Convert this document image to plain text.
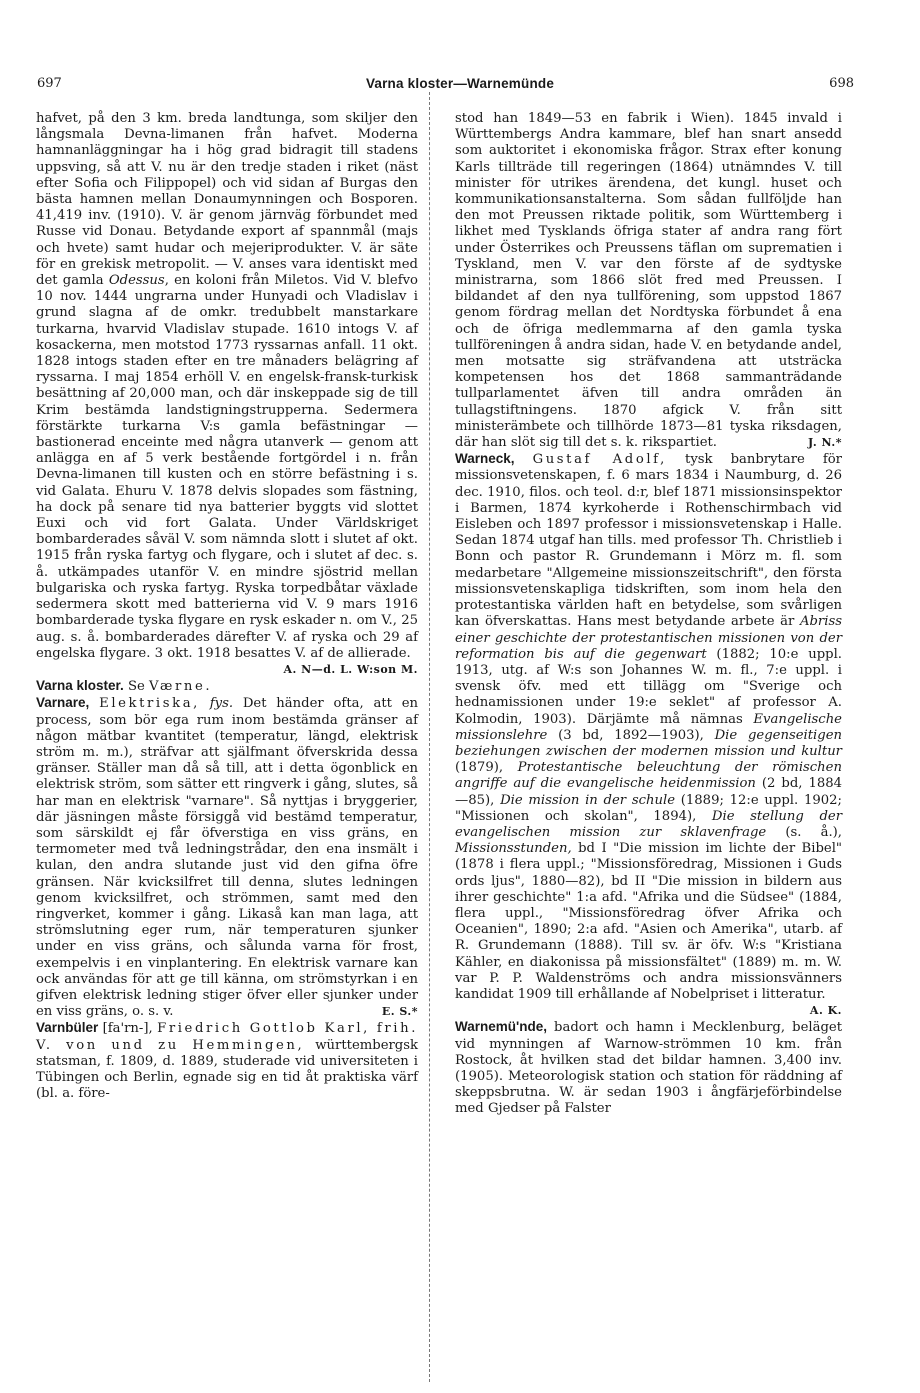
697	Varna kloster—Warnemünde	698

hafvet, på den 3 km. breda landtunga, som skiljer den långsmala Devna-limanen från hafvet. Moderna hamnanläggningar ha i hög grad bidragit till stadens uppsving, så att V. nu är den tredje staden i riket (näst efter Sofia och Filippopel) och vid sidan af Burgas den bästa hamnen mellan Donaumynningen och Bosporen. 41,419 inv. (1910). V. är genom järnväg förbundet med Russe vid Donau. Betydande export af spannmål (majs och hvete) samt hudar och mejeriprodukter. V. är säte för en grekisk metropolit. — V. anses vara identiskt med det gamla Odessus, en koloni från Miletos. Vid V. blefvo 10 nov. 1444 ungrarna under Hunyadi och Vladislav i grund slagna af de omkr. tredubbelt manstarkare turkarna, hvarvid Vladislav stupade. 1610 intogs V. af kosackerna, men motstod 1773 ryssarnas anfall. 11 okt. 1828 intogs staden efter en tre månaders belägring af ryssarna. I maj 1854 erhöll V. en engelsk-fransk-turkisk besättning af 20,000 man, och där inskeppade sig de till Krim bestämda landstigningstrupperna. Sedermera förstärkte turkarna V:s gamla befästningar — bastionerad enceinte med några utanverk — genom att anlägga en af 5 verk bestående fortgördel i n. från Devna-limanen till kusten och en större befästning i s. vid Galata. Ehuru V. 1878 delvis slopades som fästning, ha dock på senare tid nya batterier byggts vid slottet Euxi och vid fort Galata. Under Världskriget bombarderades såväl V. som nämnda slott i slutet af okt. 1915 från ryska fartyg och flygare, och i slutet af dec. s. å. utkämpades utanför V. en mindre sjöstrid mellan bulgariska och ryska fartyg. Ryska torpedbåtar växlade sedermera skott med batterierna vid V. 9 mars 1916 bombarderade tyska flygare en rysk eskader n. om V., 25 aug. s. å. bombarderades därefter V. af ryska och 29 af engelska flygare. 3 okt. 1918 besattes V. af de allierade.
A. N—d. L. W:son M.

Varna kloster. Se Værne.

Varnare, Elektriska, fys. Det händer ofta, att en process, som bör ega rum inom bestämda gränser af någon mätbar kvantitet (temperatur, längd, elektrisk ström m. m.), sträfvar att själfmant öfverskrida dessa gränser. Ställer man då så till, att i detta ögonblick en elektrisk ström, som sätter ett ringverk i gång, slutes, så har man en elektrisk "varnare". Så nyttjas i bryggerier, där jäsningen måste försiggå vid bestämd temperatur, som särskildt ej får öfverstiga en viss gräns, en termometer med två ledningstrådar, den ena insmält i kulan, den andra slutande just vid den gifna öfre gränsen. När kvicksilfret till denna, slutes ledningen genom kvicksilfret, och strömmen, samt med den ringverket, kommer i gång. Likaså kan man laga, att strömslutning eger rum, när temperaturen sjunker under en viss gräns, och sålunda varna för frost, exempelvis i en vinplantering. En elektrisk varnare kan ock användas för att ge till känna, om strömstyrkan i en gifven elektrisk ledning stiger öfver eller sjunker under en viss gräns, o. s. v.	E. S.*

Varnbüler [fa'rn-], Friedrich Gottlob Karl, frih. V. von und zu Hemmingen, württembergsk statsman, f. 1809, d. 1889, studerade vid universiteten i Tübingen och Berlin, egnade sig en tid åt praktiska värf (bl. a. före-

stod han 1849—53 en fabrik i Wien). 1845 invald i Württembergs Andra kammare, blef han snart ansedd som auktoritet i ekonomiska frågor. Strax efter konung Karls tillträde till regeringen (1864) utnämndes V. till minister för utrikes ärendena, det kungl. huset och kommunikationsanstalterna. Som sådan fullföljde han den mot Preussen riktade politik, som Württemberg i likhet med Tysklands öfriga stater af andra rang fört under Österrikes och Preussens täflan om suprematien i Tyskland, men V. var den förste af de sydtyske ministrarna, som 1866 slöt fred med Preussen. I bildandet af den nya tullförening, som uppstod 1867 genom fördrag mellan det Nordtyska förbundet å ena och de öfriga medlemmarna af den gamla tyska tullföreningen å andra sidan, hade V. en betydande andel, men motsatte sig sträfvandena att utsträcka kompetensen hos det 1868 sammanträdande tullparlamentet äfven till andra områden än tullagstiftningens. 1870 afgick V. från sitt ministerämbete och tillhörde 1873—81 tyska riksdagen, där han slöt sig till det s. k. rikspartiet.	J. N.*

Warneck, Gustaf Adolf, tysk banbrytare för missionsvetenskapen, f. 6 mars 1834 i Naumburg, d. 26 dec. 1910, filos. och teol. d:r, blef 1871 missionsinspektor i Barmen, 1874 kyrkoherde i Rothenschirmbach vid Eisleben och 1897 professor i missionsvetenskap i Halle. Sedan 1874 utgaf han tills. med professor Th. Christlieb i Bonn och pastor R. Grundemann i Mörz m. fl. som medarbetare "Allgemeine missionszeitschrift", den första missionsvetenskapliga tidskriften, som inom hela den protestantiska världen haft en betydelse, som svårligen kan öfverskattas. Hans mest betydande arbete är Abriss einer geschichte der protestantischen missionen von der reformation bis auf die gegenwart (1882; 10:e uppl. 1913, utg. af W:s son Johannes W. m. fl., 7:e uppl. i svensk öfv. med ett tillägg om "Sverige och hednamissionen under 19:e seklet" af professor A. Kolmodin, 1903). Därjämte må nämnas Evangelische missionslehre (3 bd, 1892—1903), Die gegenseitigen beziehungen zwischen der modernen mission und kultur (1879), Protestantische beleuchtung der römischen angriffe auf die evangelische heidenmission (2 bd, 1884—85), Die mission in der schule (1889; 12:e uppl. 1902; "Missionen och skolan", 1894), Die stellung der evangelischen mission zur sklavenfrage (s. å.), Missionsstunden, bd I "Die mission im lichte der Bibel" (1878 i flera uppl.; "Missionsföredrag, Missionen i Guds ords ljus", 1880—82), bd II "Die mission in bildern aus ihrer geschichte" 1:a afd. "Afrika und die Südsee" (1884, flera uppl., "Missionsföredrag öfver Afrika och Oceanien", 1890; 2:a afd. "Asien och Amerika", utarb. af R. Grundemann (1888). Till sv. är öfv. W:s "Kristiana Kähler, en diakonissa på missionsfältet" (1889) m. m. W. var P. P. Waldenströms och andra missionsvänners kandidat 1909 till erhållande af Nobelpriset i litteratur.
A. K.

Warnemü'nde, badort och hamn i Mecklenburg, beläget vid mynningen af Warnow-strömmen 10 km. från Rostock, åt hvilken stad det bildar hamnen. 3,400 inv. (1905). Meteorologisk station och station för räddning af skeppsbrutna. W. är sedan 1903 i ångfärjeförbindelse med Gjedser på Falster
